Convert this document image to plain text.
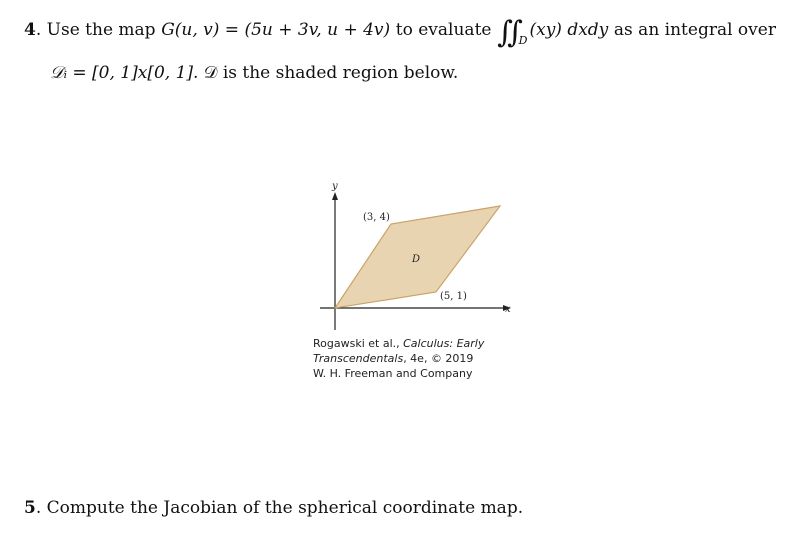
4. Use the map G(u, v) = (5u + 3v, u + 4v) to evaluate ∬ $_D$(xy) dxdy as an integral over
𝒟ᵢ = [0, 1]x[0, 1]. 𝒟 is the shaded region below.
x
y
D
(3, 4)
(5, 1)
Rogawski et al., Calculus: Early
Transcendentals, 4e, © 2019
W. H. Freeman and Company
5. Compute the Jacobian of the spherical coordinate map.
